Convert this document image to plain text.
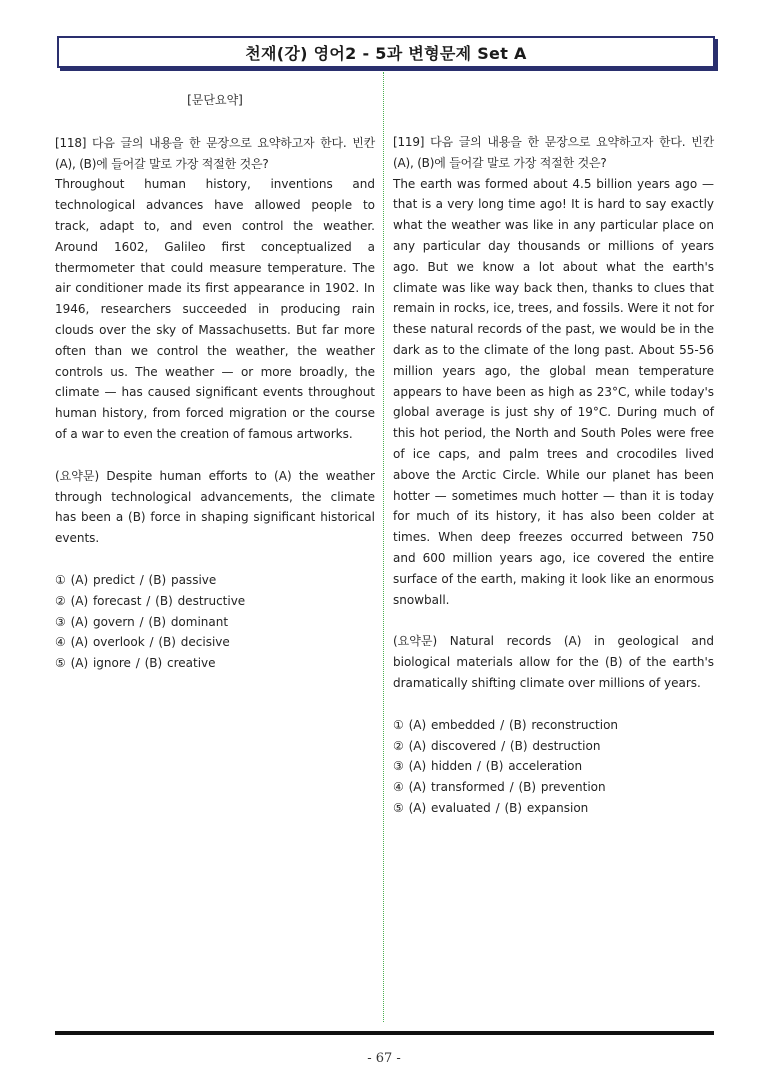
천재(강) 영어2 - 5과 변형문제 Set A
[문단요약]

[118] 다음 글의 내용을 한 문장으로 요약하고자 한다. 빈칸 (A), (B)에 들어갈 말로 가장 적절한 것은?

Throughout human history, inventions and technological advances have allowed people to track, adapt to, and even control the weather. Around 1602, Galileo first conceptualized a thermometer that could measure temperature. The air conditioner made its first appearance in 1902. In 1946, researchers succeeded in producing rain clouds over the sky of Massachusetts. But far more often than we control the weather, the weather controls us. The weather — or more broadly, the climate — has caused significant events throughout human history, from forced migration or the course of a war to even the creation of famous artworks.

(요약문) Despite human efforts to (A) the weather through technological advancements, the climate has been a (B) force in shaping significant historical events.

① (A) predict / (B) passive
② (A) forecast / (B) destructive
③ (A) govern / (B) dominant
④ (A) overlook / (B) decisive
⑤ (A) ignore / (B) creative

[119] 다음 글의 내용을 한 문장으로 요약하고자 한다. 빈칸 (A), (B)에 들어갈 말로 가장 적절한 것은?

The earth was formed about 4.5 billion years ago — that is a very long time ago! It is hard to say exactly what the weather was like in any particular place on any particular day thousands or millions of years ago. But we know a lot about what the earth's climate was like way back then, thanks to clues that remain in rocks, ice, trees, and fossils. Were it not for these natural records of the past, we would be in the dark as to the climate of the long past. About 55-56 million years ago, the global mean temperature appears to have been as high as 23°C, while today's global average is just shy of 19°C. During much of this hot period, the North and South Poles were free of ice caps, and palm trees and crocodiles lived above the Arctic Circle. While our planet has been hotter — sometimes much hotter — than it is today for much of its history, it has also been colder at times. When deep freezes occurred between 750 and 600 million years ago, ice covered the entire surface of the earth, making it look like an enormous snowball.

(요약문) Natural records (A) in geological and biological materials allow for the (B) of the earth's dramatically shifting climate over millions of years.

① (A) embedded / (B) reconstruction
② (A) discovered / (B) destruction
③ (A) hidden / (B) acceleration
④ (A) transformed / (B) prevention
⑤ (A) evaluated / (B) expansion
- 67 -
